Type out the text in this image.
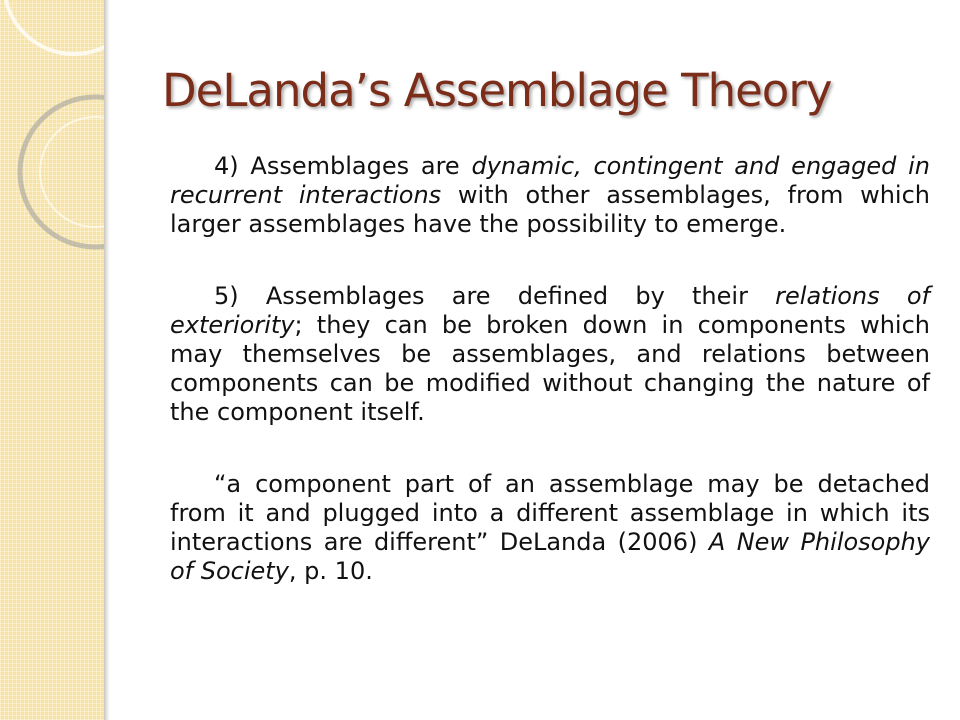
DeLanda’s Assemblage Theory

4) Assemblages are dynamic, contingent and engaged in recurrent interactions with other assemblages, from which larger assemblages have the possibility to emerge.

5) Assemblages are defined by their relations of exteriority; they can be broken down in components which may themselves be assemblages, and relations between components can be modified without changing the nature of the component itself.

“a component part of an assemblage may be detached from it and plugged into a different assemblage in which its interactions are different” DeLanda (2006) A New Philosophy of Society, p. 10.
